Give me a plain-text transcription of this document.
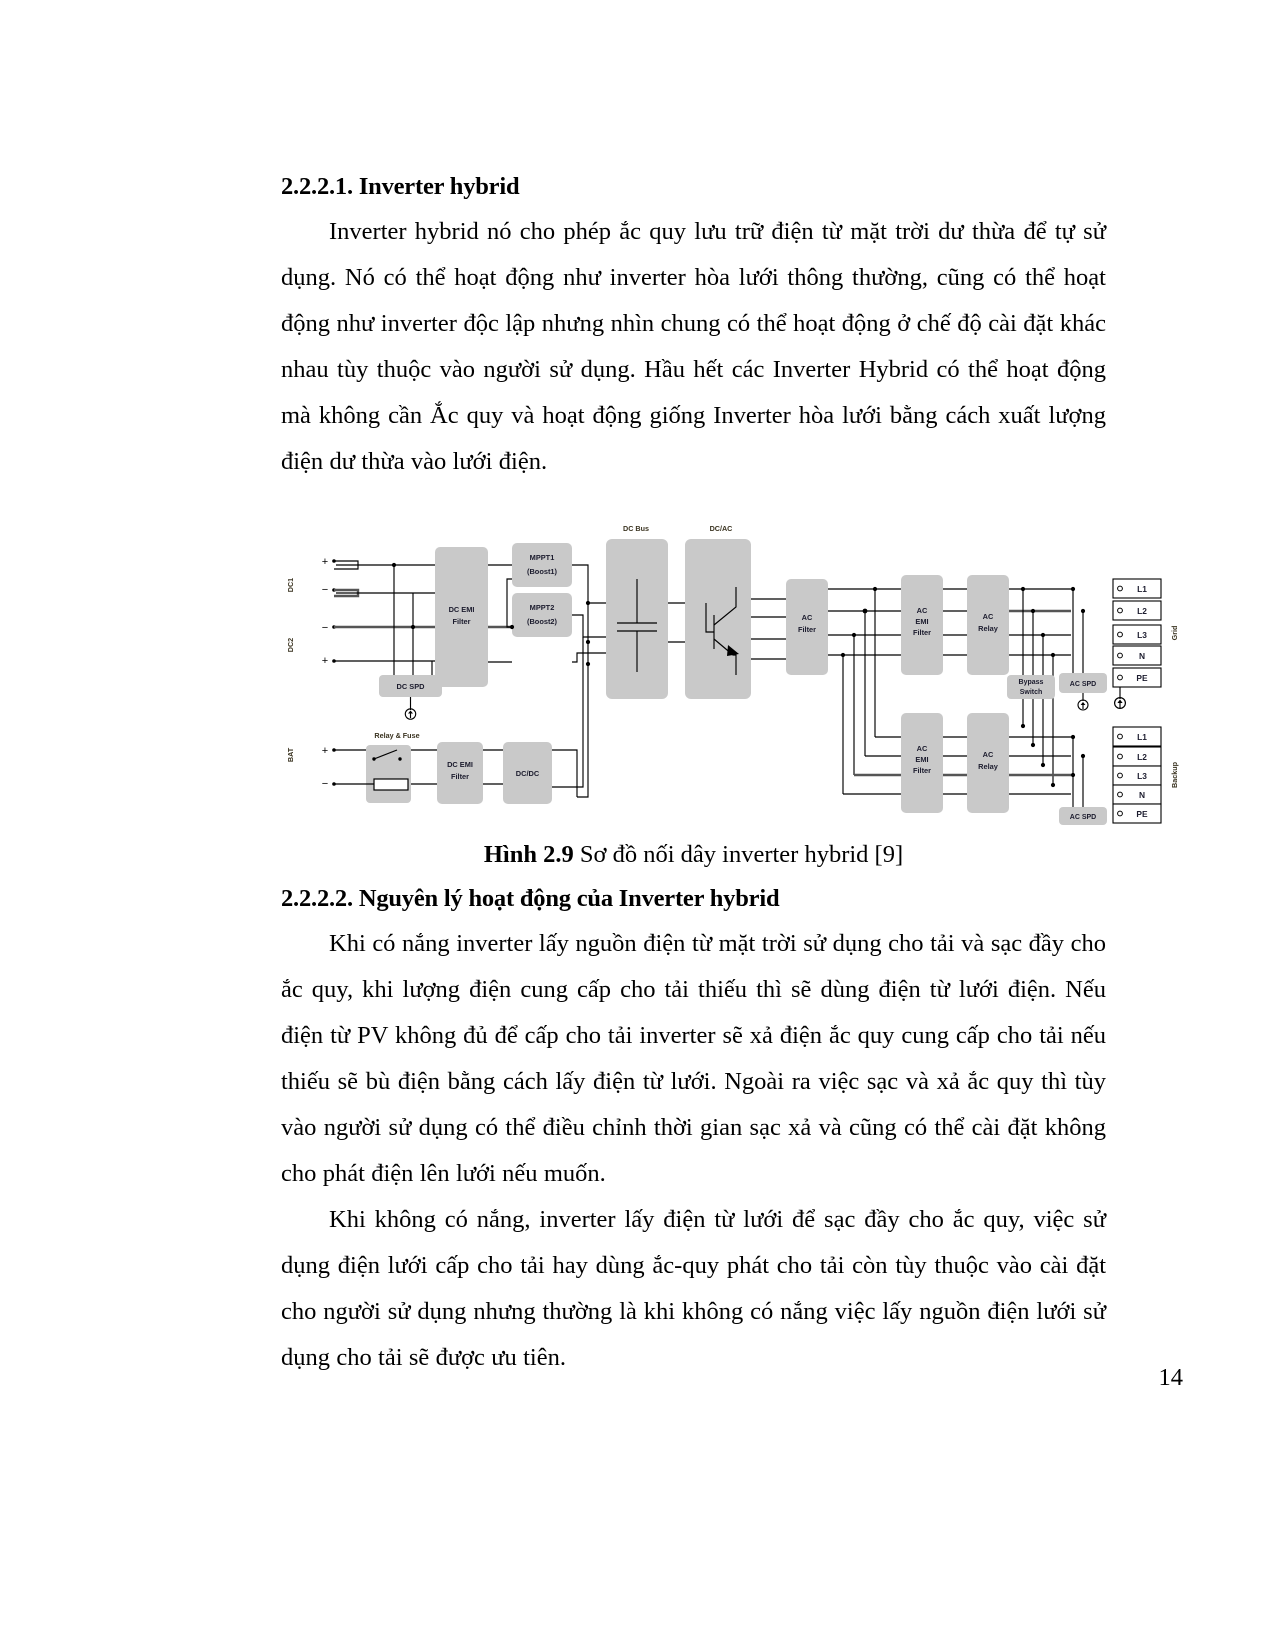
2.2.2.1. Inverter hybrid

Inverter hybrid nó cho phép ắc quy lưu trữ điện từ mặt trời dư thừa để tự sử dụng. Nó có thể hoạt động như inverter hòa lưới thông thường, cũng có thể hoạt động như inverter độc lập nhưng nhìn chung có thể hoạt động ở chế độ cài đặt khác nhau tùy thuộc vào người sử dụng. Hầu hết các Inverter Hybrid có thể hoạt động mà không cần Ắc quy và hoạt động giống Inverter hòa lưới bằng cách xuất lượng điện dư thừa vào lưới điện.

DC1
DC2
BAT
+
−
−
+
+
−
DC SPD
DC EMI
Filter
MPPT1
(Boost1)
MPPT2
(Boost2)
DC Bus	DC/AC
AC
Filter
AC
EMI
Filter
AC
Relay
Bypass
Switch
AC SPD
L1
L2
L3
N
PE
Grid
AC
EMI
Filter
AC
Relay
AC SPD
L1
L2
L3
N
PE
Backup
Relay & Fuse
DC EMI
Filter	DC/DC

Hình 2.9 Sơ đồ nối dây inverter hybrid [9]

2.2.2.2. Nguyên lý hoạt động của Inverter hybrid

Khi có nắng inverter lấy nguồn điện từ mặt trời sử dụng cho tải và sạc đầy cho ắc quy, khi lượng điện cung cấp cho tải thiếu thì sẽ dùng điện từ lưới điện. Nếu điện từ PV không đủ để cấp cho tải inverter sẽ xả điện ắc quy cung cấp cho tải nếu thiếu sẽ bù điện bằng cách lấy điện từ lưới. Ngoài ra việc sạc và xả ắc quy thì tùy vào người sử dụng có thể điều chỉnh thời gian sạc xả và cũng có thể cài đặt không cho phát điện lên lưới nếu muốn.

Khi không có nắng, inverter lấy điện từ lưới để sạc đầy cho ắc quy, việc sử dụng điện lưới cấp cho tải hay dùng ắc-quy phát cho tải còn tùy thuộc vào cài đặt cho người sử dụng nhưng thường là khi không có nắng việc lấy nguồn điện lưới sử dụng cho tải sẽ được ưu tiên.

14
